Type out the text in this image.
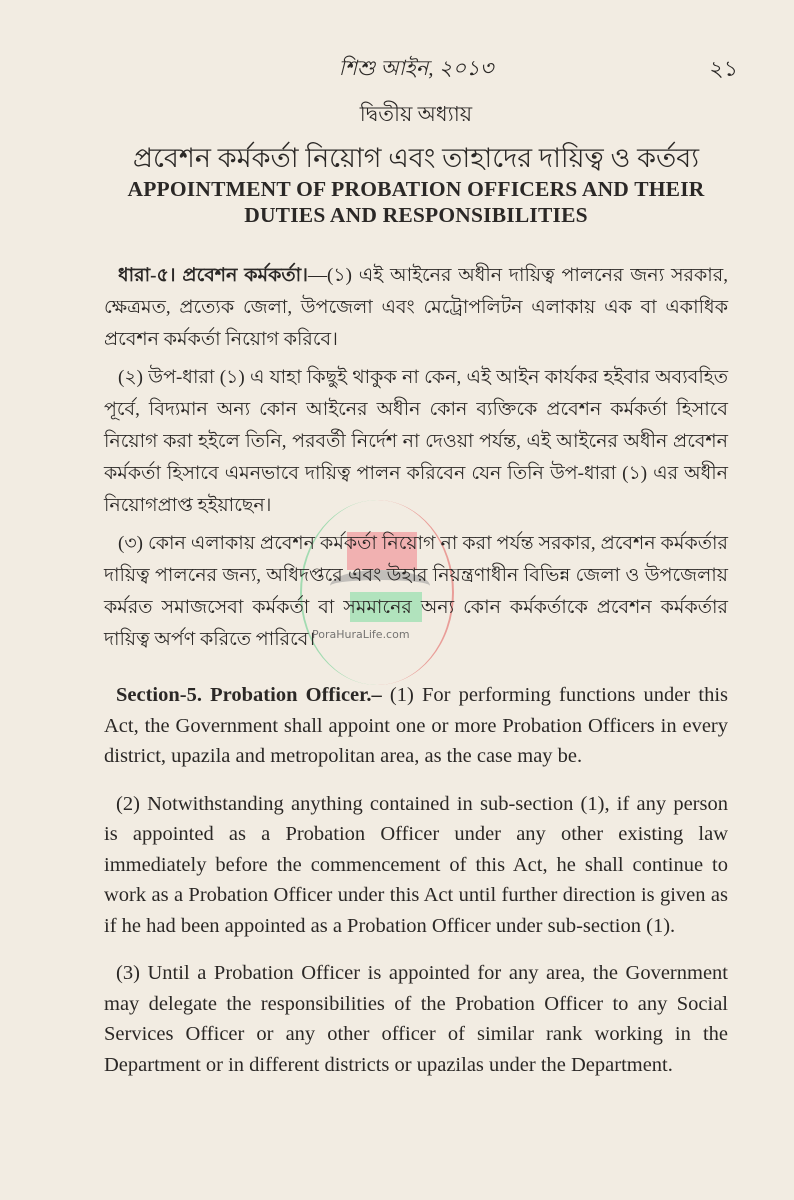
PoraHuraLife.com
শিশু আইন, ২০১৩	২১
দ্বিতীয় অধ্যায়
প্রবেশন কর্মকর্তা নিয়োগ এবং তাহাদের দায়িত্ব ও কর্তব্য
APPOINTMENT OF PROBATION OFFICERS AND THEIR
DUTIES AND RESPONSIBILITIES

ধারা-৫। প্রবেশন কর্মকর্তা।—(১) এই আইনের অধীন দায়িত্ব পালনের জন্য সরকার, ক্ষেত্রমত, প্রত্যেক জেলা, উপজেলা এবং মেট্রোপলিটন এলাকায় এক বা একাধিক প্রবেশন কর্মকর্তা নিয়োগ করিবে।

(২) উপ-ধারা (১) এ যাহা কিছুই থাকুক না কেন, এই আইন কার্যকর হইবার অব্যবহিত পূর্বে, বিদ্যমান অন্য কোন আইনের অধীন কোন ব্যক্তিকে প্রবেশন কর্মকর্তা হিসাবে নিয়োগ করা হইলে তিনি, পরবর্তী নির্দেশ না দেওয়া পর্যন্ত, এই আইনের অধীন প্রবেশন কর্মকর্তা হিসাবে এমনভাবে দায়িত্ব পালন করিবেন যেন তিনি উপ-ধারা (১) এর অধীন নিয়োগপ্রাপ্ত হইয়াছেন।

(৩) কোন এলাকায় প্রবেশন কর্মকর্তা নিয়োগ না করা পর্যন্ত সরকার, প্রবেশন কর্মকর্তার দায়িত্ব পালনের জন্য, অধিদপ্তরে এবং উহার নিয়ন্ত্রণাধীন বিভিন্ন জেলা ও উপজেলায় কর্মরত সমাজসেবা কর্মকর্তা বা সমমানের অন্য কোন কর্মকর্তাকে প্রবেশন কর্মকর্তার দায়িত্ব অর্পণ করিতে পারিবে।

Section-5. Probation Officer.– (1) For performing functions under this Act, the Government shall appoint one or more Probation Officers in every district, upazila and metropolitan area, as the case may be.

(2) Notwithstanding anything contained in sub-section (1), if any person is appointed as a Probation Officer under any other existing law immediately before the commencement of this Act, he shall continue to work as a Probation Officer under this Act until further direction is given as if he had been appointed as a Probation Officer under sub-section (1).

(3) Until a Probation Officer is appointed for any area, the Government may delegate the responsibilities of the Probation Officer to any Social Services Officer or any other officer of similar rank working in the Department or in different districts or upazilas under the Department.
